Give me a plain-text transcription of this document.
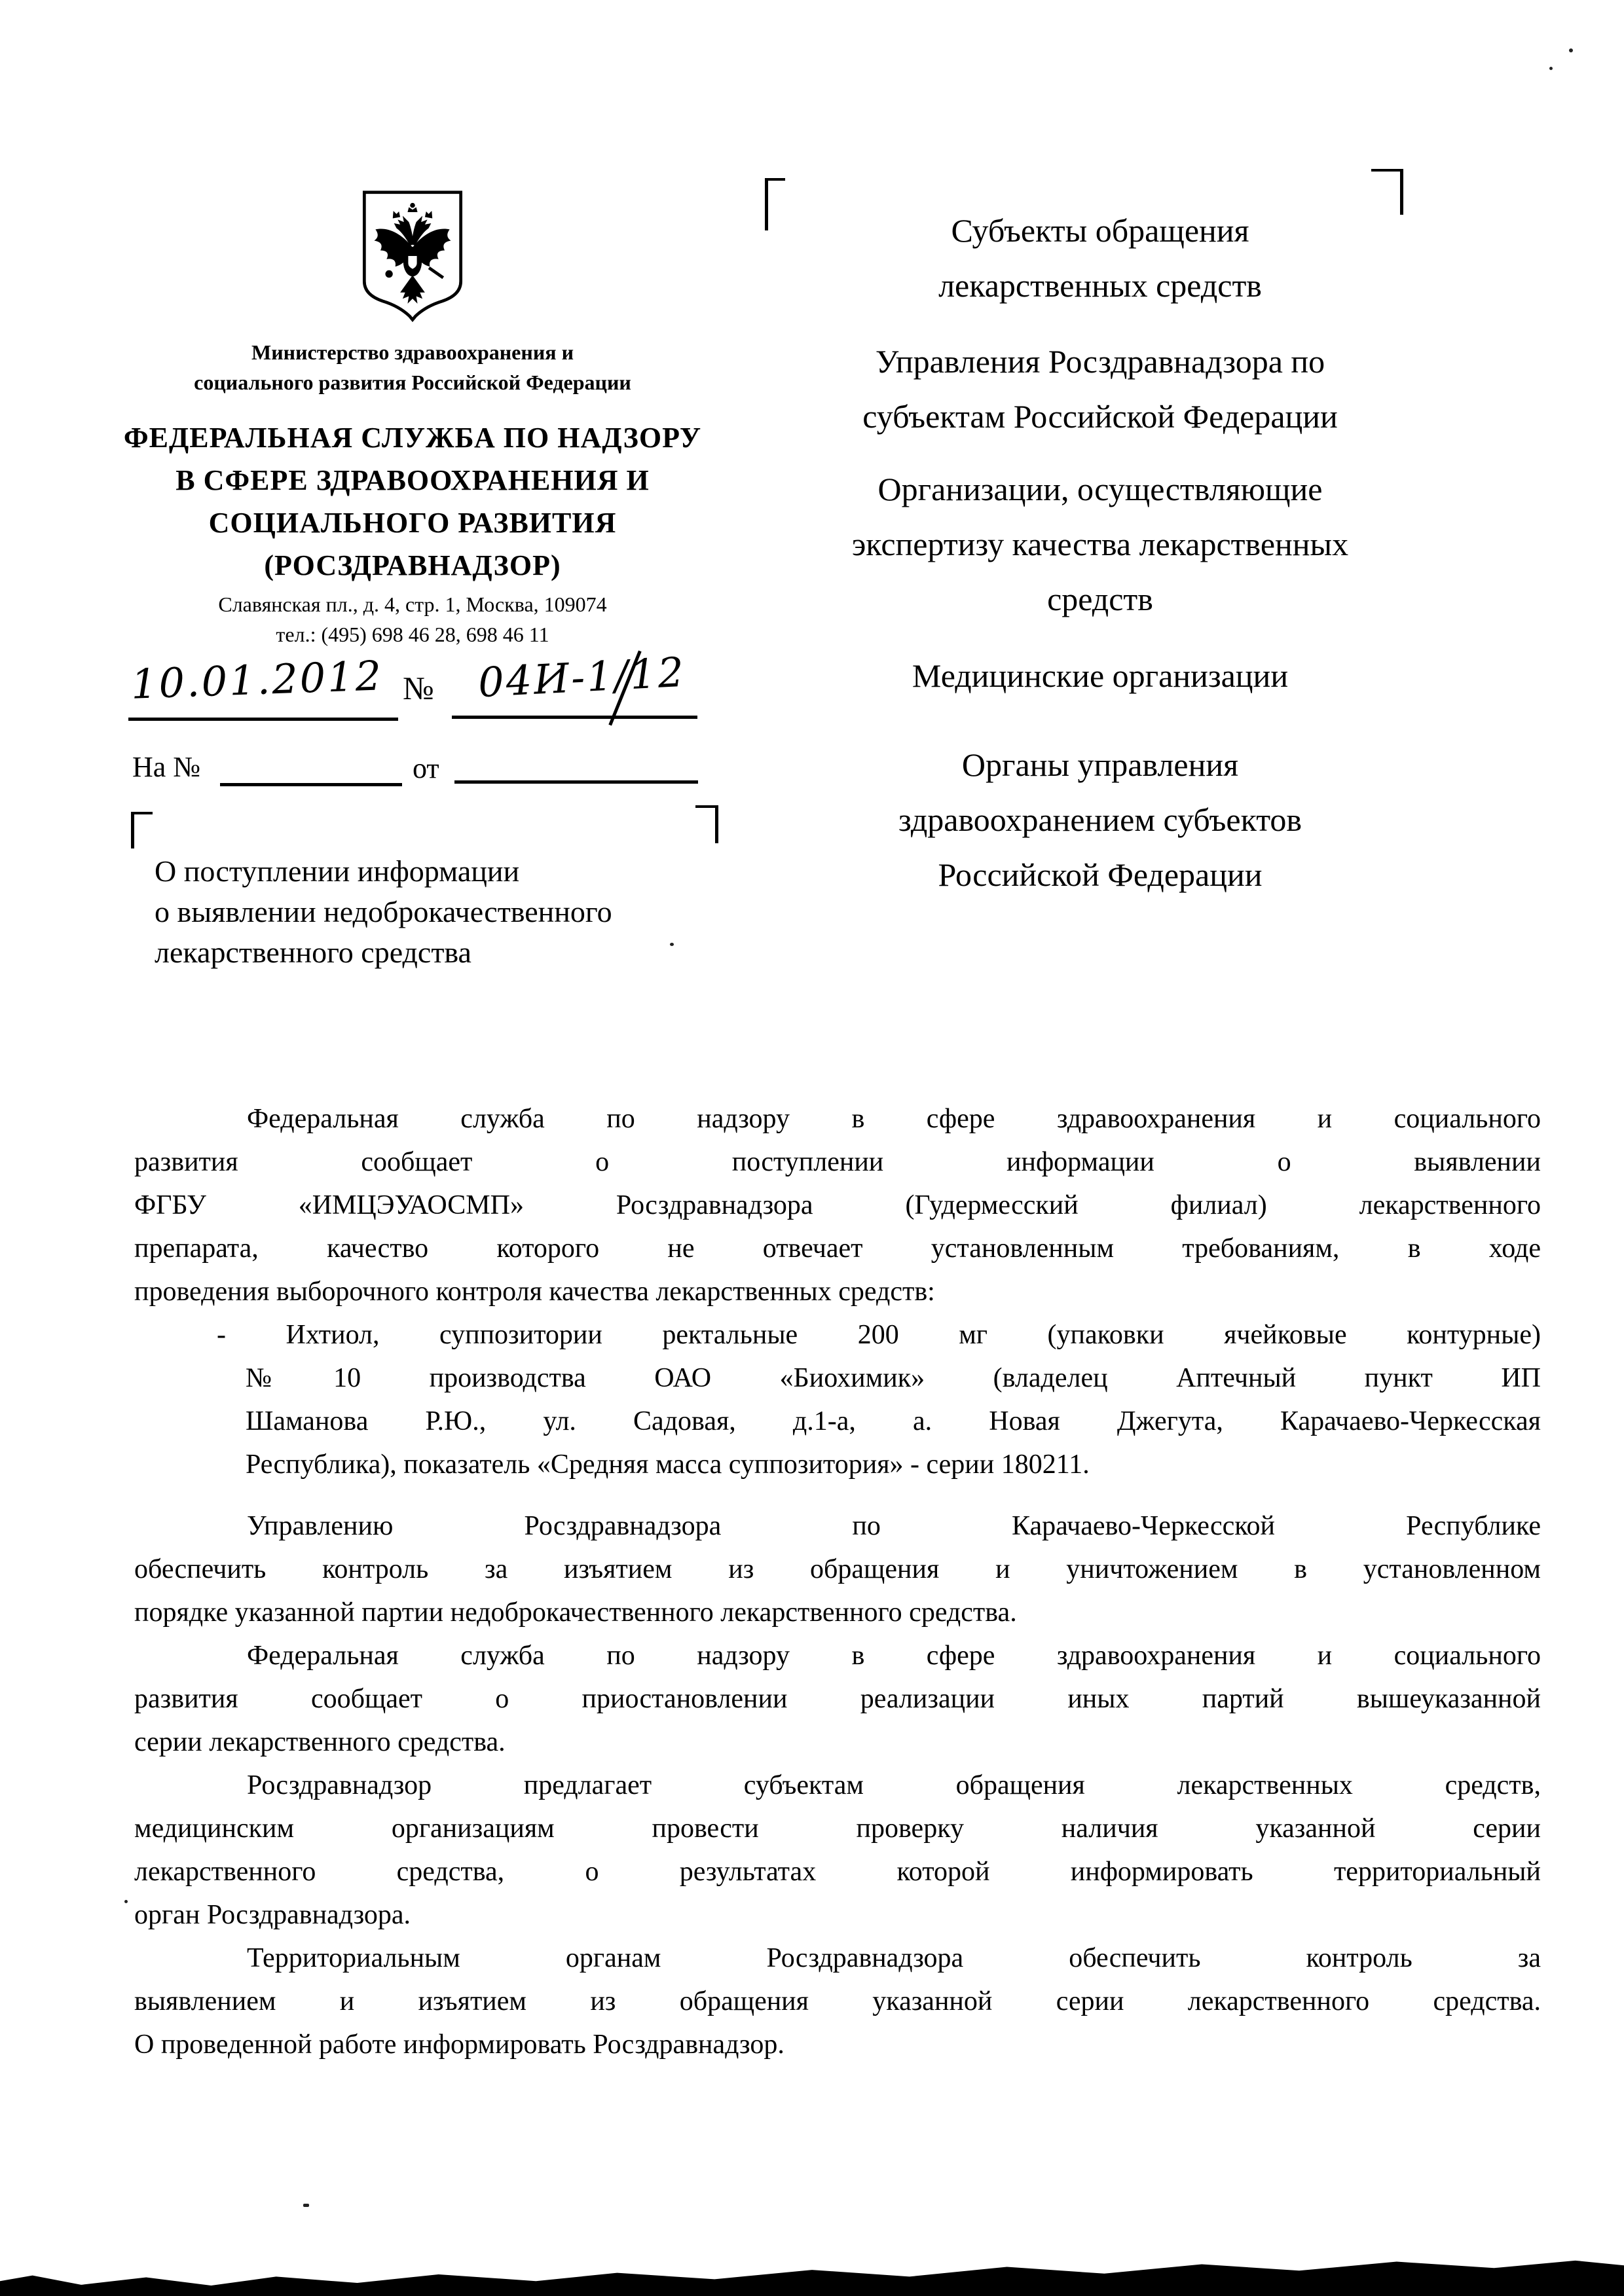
Министерство здравоохранения и
социального развития Российской Федерации
ФЕДЕРАЛЬНАЯ СЛУЖБА ПО НАДЗОРУ
В СФЕРЕ ЗДРАВООХРАНЕНИЯ И
СОЦИАЛЬНОГО РАЗВИТИЯ
(РОСЗДРАВНАДЗОР)
Славянская пл., д. 4, стр. 1, Москва, 109074
тел.: (495) 698 46 28, 698 46 11
Субъекты обращения
лекарственных средств
Управления Росздравнадзора по
субъектам Российской Федерации
Организации, осуществляющие
экспертизу качества лекарственных
средств
Медицинские организации
Органы управления
здравоохранением субъектов
Российской Федерации
10.01.2012 № 04И-1/12
На №	от
О поступлении информации
о выявлении недоброкачественного
лекарственного средства
Федеральная служба по надзору в сфере здравоохранения и социального
развития сообщает о поступлении информации о выявлении
ФГБУ «ИМЦЭУАОСМП» Росздравнадзора (Гудермесский филиал) лекарственного
препарата, качество которого не отвечает установленным требованиям, в ходе
проведения выборочного контроля качества лекарственных средств:
- Ихтиол, суппозитории ректальные 200 мг (упаковки ячейковые контурные)
№10 производства ОАО «Биохимик» (владелец Аптечный пункт ИП
Шаманова Р.Ю., ул. Садовая, д.1-а, а. Новая Джегута, Карачаево-Черкесская
Республика), показатель «Средняя масса суппозитория» - серии 180211.
Управлению Росздравнадзора по Карачаево-Черкесской Республике
обеспечить контроль за изъятием из обращения и уничтожением в установленном
порядке указанной партии недоброкачественного лекарственного средства.
Федеральная служба по надзору в сфере здравоохранения и социального
развития сообщает о приостановлении реализации иных партий вышеуказанной
серии лекарственного средства.
Росздравнадзор предлагает субъектам обращения лекарственных средств,
медицинским организациям провести проверку наличия указанной серии
лекарственного средства, о результатах которой информировать территориальный
орган Росздравнадзора.
Территориальным органам Росздравнадзора обеспечить контроль за
выявлением и изъятием из обращения указанной серии лекарственного средства.
О проведенной работе информировать Росздравнадзор.
